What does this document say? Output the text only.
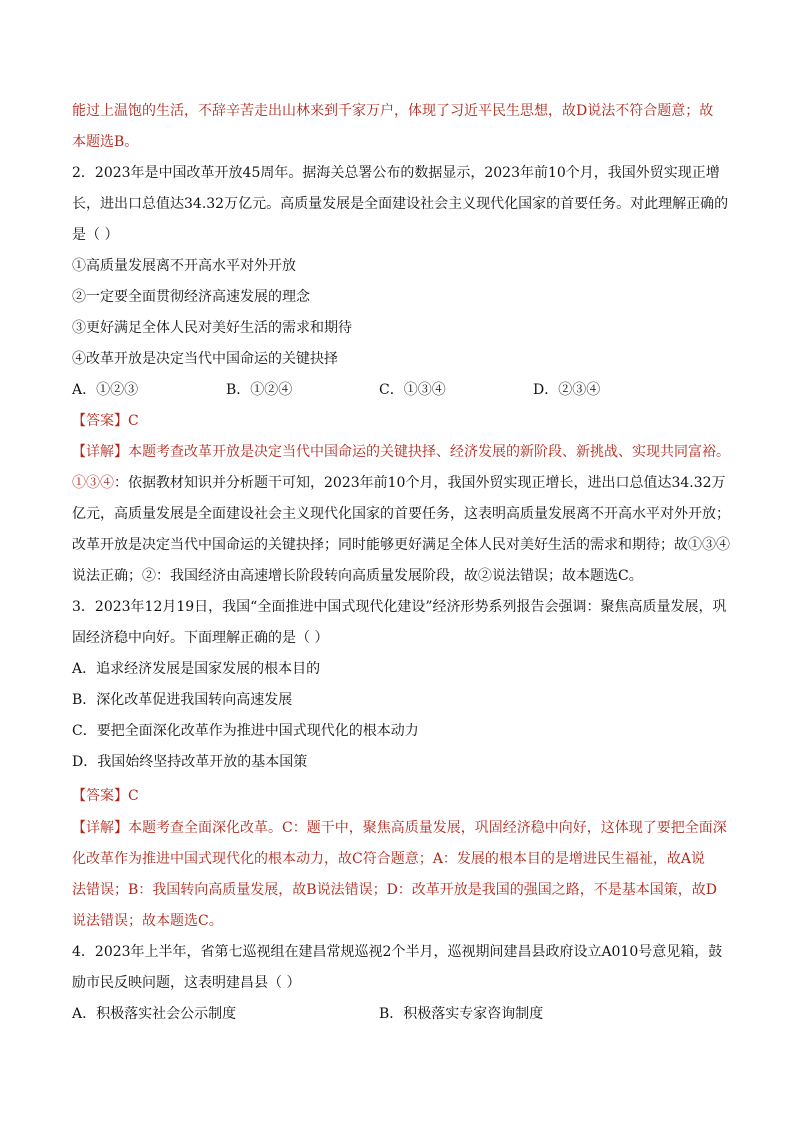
能过上温饱的生活，不辞辛苦走出山林来到千家万户，体现了习近平民生思想，故D说法不符合题意；故
本题选B。
2．2023年是中国改革开放45周年。据海关总署公布的数据显示，2023年前10个月，我国外贸实现正增
长，进出口总值达34.32万亿元。高质量发展是全面建设社会主义现代化国家的首要任务。对此理解正确的
是（ ）
①高质量发展离不开高水平对外开放
②一定要全面贯彻经济高速发展的理念
③更好满足全体人民对美好生活的需求和期待
④改革开放是决定当代中国命运的关键抉择
A．①②③	B．①②④	C．①③④	D．②③④
【答案】C
【详解】本题考查改革开放是决定当代中国命运的关键抉择、经济发展的新阶段、新挑战、实现共同富裕。
①③④：依据教材知识并分析题干可知，2023年前10个月，我国外贸实现正增长，进出口总值达34.32万
亿元，高质量发展是全面建设社会主义现代化国家的首要任务，这表明高质量发展离不开高水平对外开放；
改革开放是决定当代中国命运的关键抉择；同时能够更好满足全体人民对美好生活的需求和期待；故①③④
说法正确；②：我国经济由高速增长阶段转向高质量发展阶段，故②说法错误；故本题选C。
3．2023年12月19日，我国“全面推进中国式现代化建设”经济形势系列报告会强调：聚焦高质量发展，巩
固经济稳中向好。下面理解正确的是（ ）
A．追求经济发展是国家发展的根本目的
B．深化改革促进我国转向高速发展
C．要把全面深化改革作为推进中国式现代化的根本动力
D．我国始终坚持改革开放的基本国策
【答案】C
【详解】本题考查全面深化改革。C：题干中，聚焦高质量发展，巩固经济稳中向好，这体现了要把全面深
化改革作为推进中国式现代化的根本动力，故C符合题意；A：发展的根本目的是增进民生福祉，故A说
法错误；B：我国转向高质量发展，故B说法错误；D：改革开放是我国的强国之路，不是基本国策，故D
说法错误；故本题选C。
4．2023年上半年，省第七巡视组在建昌常规巡视2个半月，巡视期间建昌县政府设立A010号意见箱，鼓
励市民反映问题，这表明建昌县（ ）
A．积极落实社会公示制度	B．积极落实专家咨询制度
